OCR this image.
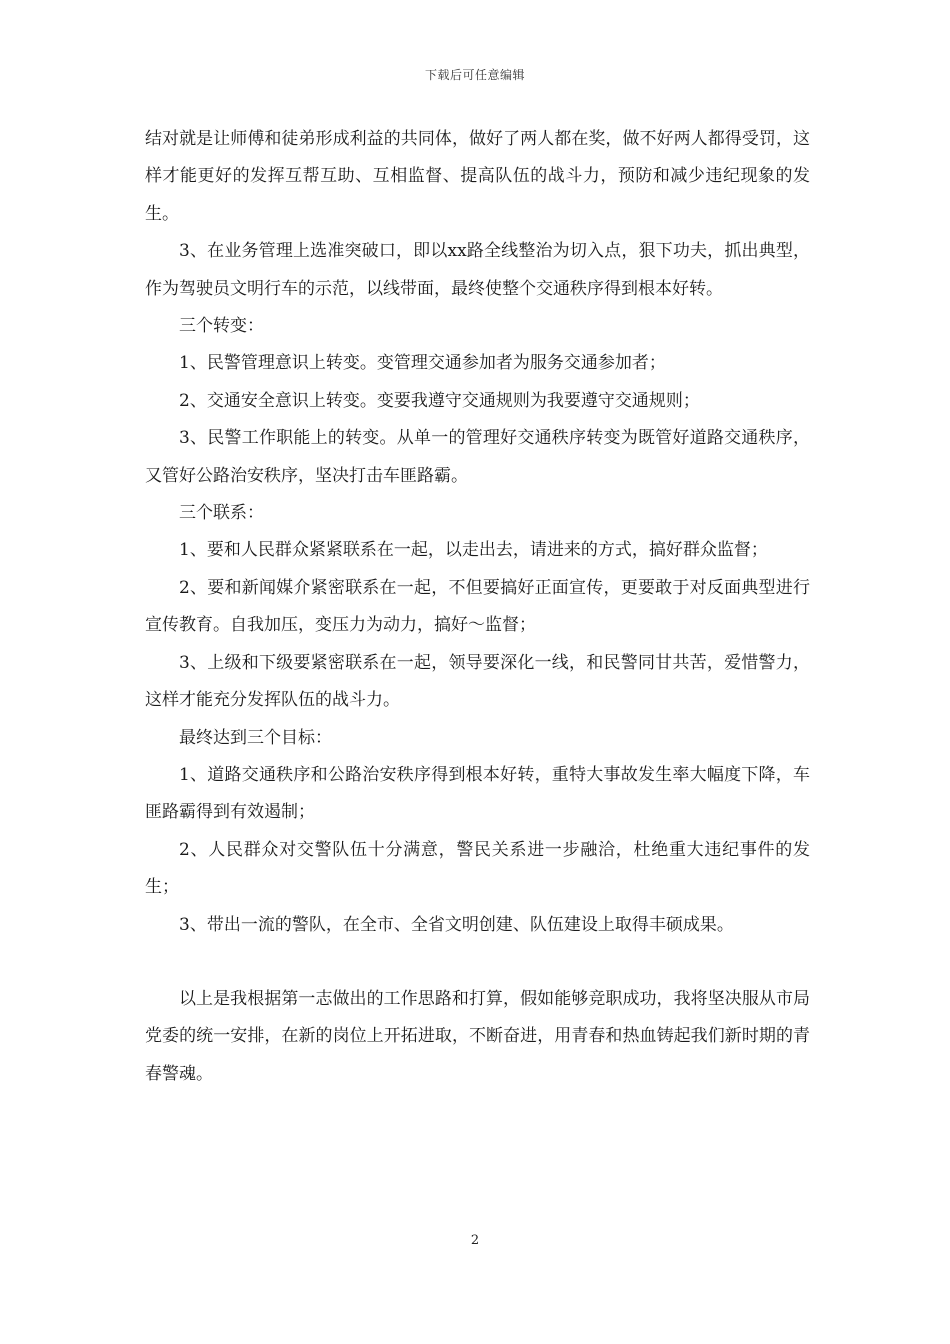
下载后可任意编辑

结对就是让师傅和徒弟形成利益的共同体，做好了两人都在奖，做不好两人都得受罚，这样才能更好的发挥互帮互助、互相监督、提高队伍的战斗力，预防和减少违纪现象的发生。

3、在业务管理上选准突破口，即以xx路全线整治为切入点，狠下功夫，抓出典型，作为驾驶员文明行车的示范，以线带面，最终使整个交通秩序得到根本好转。

三个转变：

1、民警管理意识上转变。变管理交通参加者为服务交通参加者；

2、交通安全意识上转变。变要我遵守交通规则为我要遵守交通规则；

3、民警工作职能上的转变。从单一的管理好交通秩序转变为既管好道路交通秩序，又管好公路治安秩序，坚决打击车匪路霸。

三个联系：

1、要和人民群众紧紧联系在一起，以走出去，请进来的方式，搞好群众监督；

2、要和新闻媒介紧密联系在一起，不但要搞好正面宣传，更要敢于对反面典型进行宣传教育。自我加压，变压力为动力，搞好～监督；

3、上级和下级要紧密联系在一起，领导要深化一线，和民警同甘共苦，爱惜警力，这样才能充分发挥队伍的战斗力。

最终达到三个目标：

1、道路交通秩序和公路治安秩序得到根本好转，重特大事故发生率大幅度下降，车匪路霸得到有效遏制；

2、人民群众对交警队伍十分满意，警民关系进一步融洽，杜绝重大违纪事件的发生；

3、带出一流的警队，在全市、全省文明创建、队伍建设上取得丰硕成果。

以上是我根据第一志做出的工作思路和打算，假如能够竞职成功，我将坚决服从市局党委的统一安排，在新的岗位上开拓进取，不断奋进，用青春和热血铸起我们新时期的青春警魂。

2
